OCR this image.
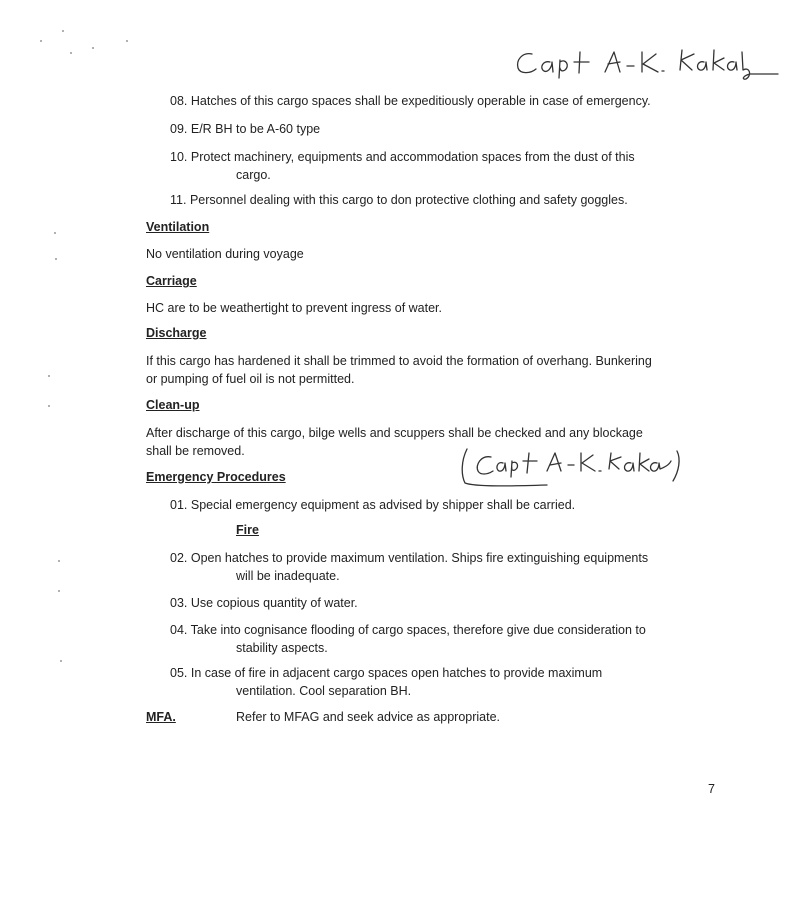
08. Hatches of this cargo spaces shall be expeditiously operable in case of emergency.
09. E/R BH to be A-60 type
10. Protect machinery, equipments and accommodation spaces from the dust of this
cargo.
11. Personnel dealing with this cargo to don protective clothing and safety goggles.
Ventilation
No ventilation during voyage
Carriage
HC are to be weathertight to prevent ingress of water.
Discharge
If this cargo has hardened it shall be trimmed to avoid the formation of overhang. Bunkering
or pumping of fuel oil is not permitted.
Clean-up
After discharge of this cargo, bilge wells and scuppers shall be checked and any blockage
shall be removed.
Emergency Procedures
01. Special emergency equipment as advised by shipper shall be carried.
Fire
02. Open hatches to provide maximum ventilation. Ships fire extinguishing equipments
will be inadequate.
03. Use copious quantity of water.
04. Take into cognisance flooding of cargo spaces, therefore give due consideration to
stability aspects.
05. In case of fire in adjacent cargo spaces open hatches to provide maximum
ventilation. Cool separation BH.
MFA.	Refer to MFAG and seek advice as appropriate.
7
